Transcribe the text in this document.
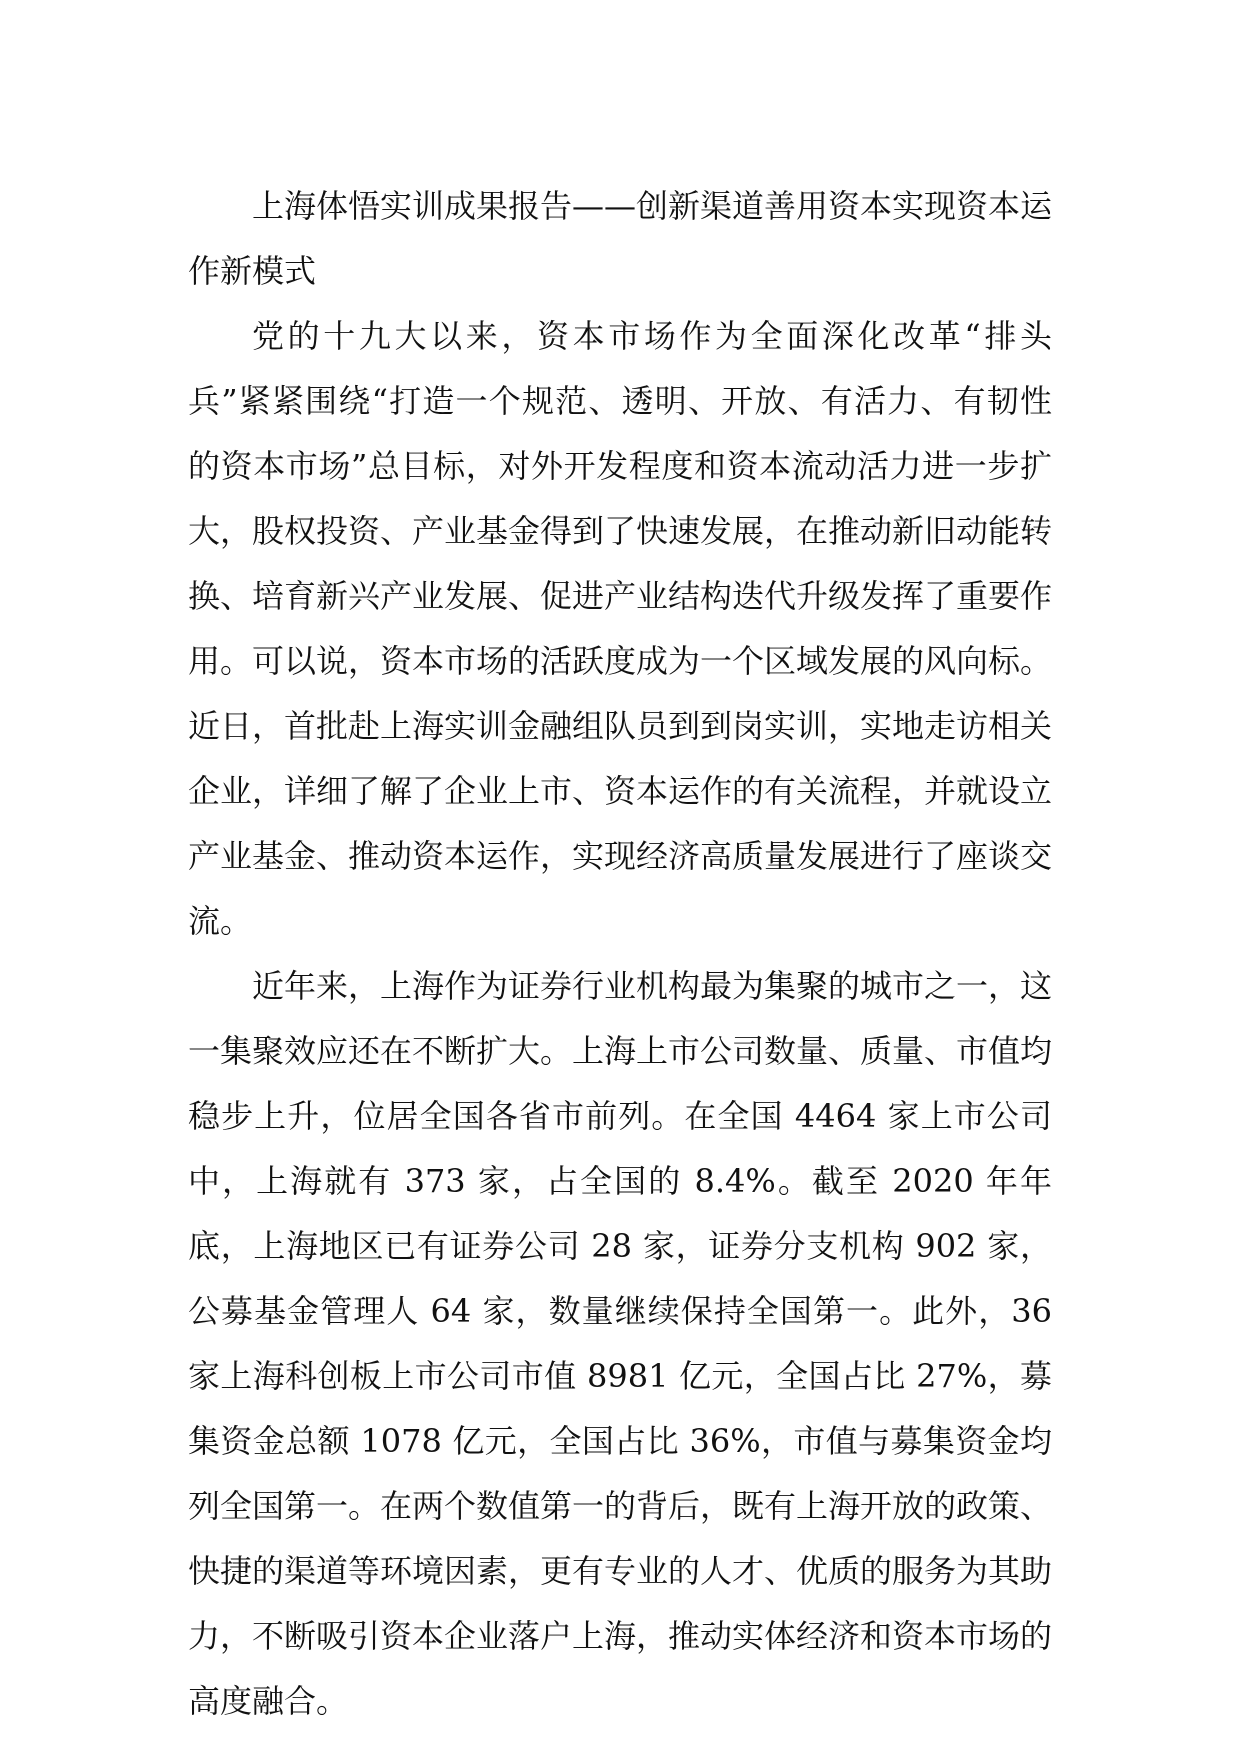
上海体悟实训成果报告——创新渠道善用资本实现资本运作新模式

党的十九大以来，资本市场作为全面深化改革“排头兵”紧紧围绕“打造一个规范、透明、开放、有活力、有韧性的资本市场”总目标，对外开发程度和资本流动活力进一步扩大，股权投资、产业基金得到了快速发展，在推动新旧动能转换、培育新兴产业发展、促进产业结构迭代升级发挥了重要作用。可以说，资本市场的活跃度成为一个区域发展的风向标。近日，首批赴上海实训金融组队员到到岗实训，实地走访相关企业，详细了解了企业上市、资本运作的有关流程，并就设立产业基金、推动资本运作，实现经济高质量发展进行了座谈交流。

近年来，上海作为证券行业机构最为集聚的城市之一，这一集聚效应还在不断扩大。上海上市公司数量、质量、市值均稳步上升，位居全国各省市前列。在全国 4464 家上市公司中，上海就有 373 家，占全国的 8.4%。截至 2020 年年底，上海地区已有证券公司 28 家，证券分支机构 902 家，公募基金管理人 64 家，数量继续保持全国第一。此外，36 家上海科创板上市公司市值 8981 亿元，全国占比 27%，募集资金总额 1078 亿元，全国占比 36%，市值与募集资金均列全国第一。在两个数值第一的背后，既有上海开放的政策、快捷的渠道等环境因素，更有专业的人才、优质的服务为其助力，不断吸引资本企业落户上海，推动实体经济和资本市场的高度融合。
